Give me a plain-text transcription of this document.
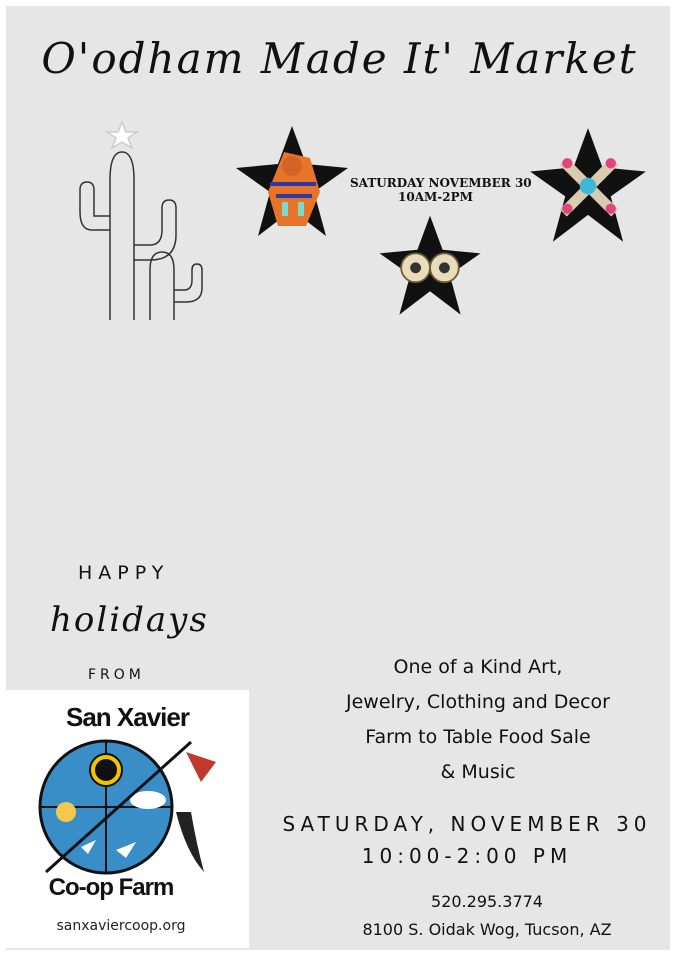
O'odham Made It' Market
SATURDAY NOVEMBER 30
10AM-2PM
HAPPY
holidays
FROM
San Xavier
Co-op Farm
sanxaviercoop.org
One of a Kind Art,
Jewelry, Clothing and Decor
Farm to Table Food Sale
& Music
SATURDAY, NOVEMBER 30
10:00-2:00 PM
520.295.3774
8100 S. Oidak Wog, Tucson, AZ
